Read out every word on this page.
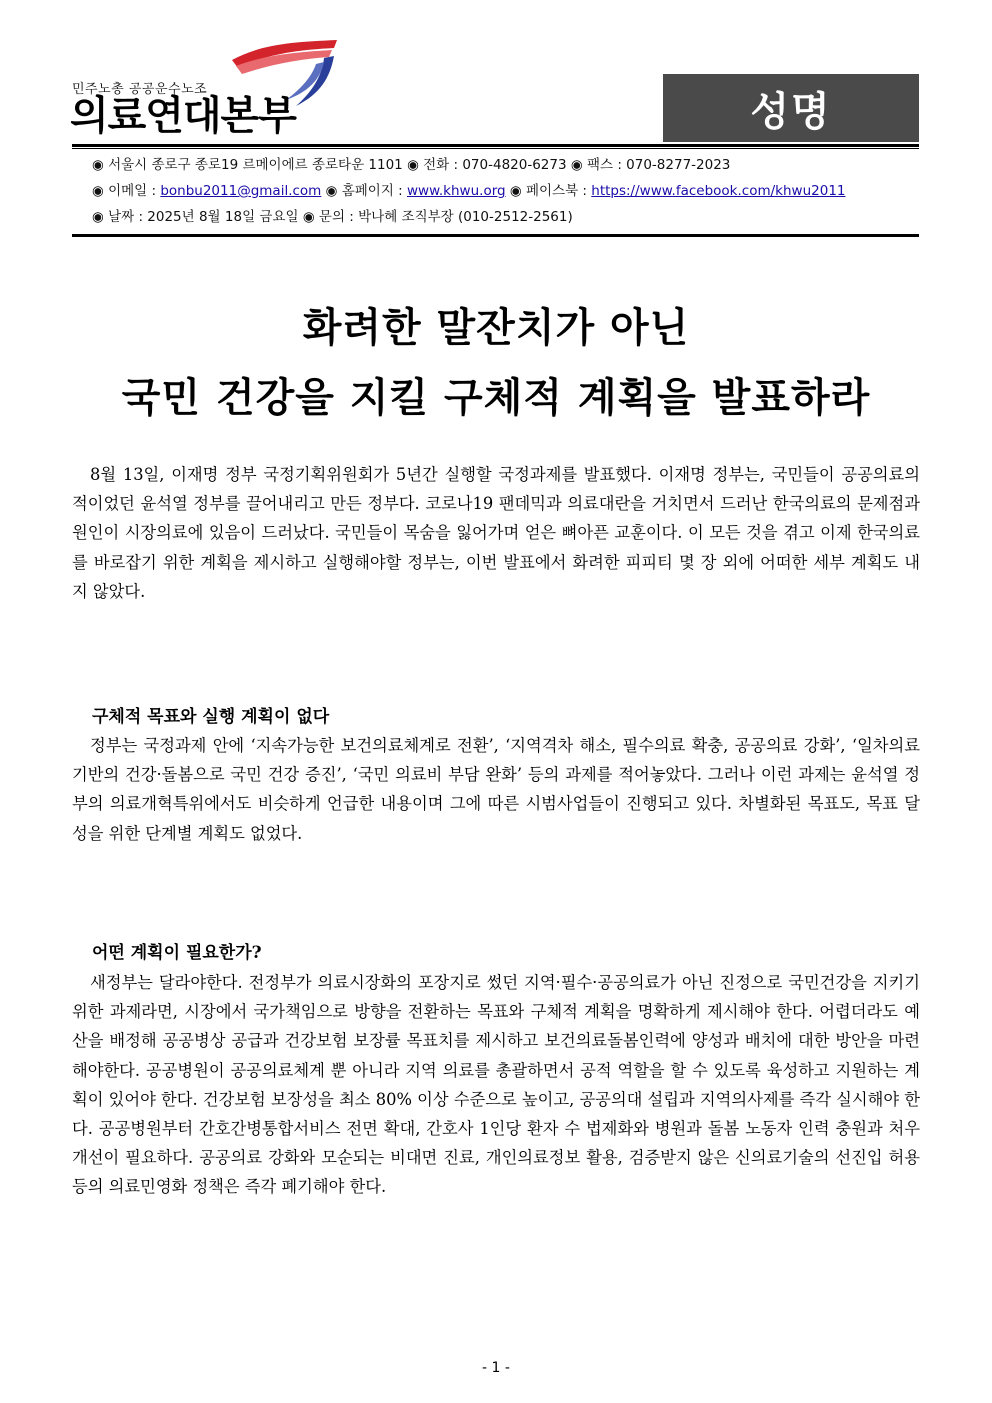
민주노총 공공운수노조
의료연대본부	성명
◉ 서울시 종로구 종로19 르메이에르 종로타운 1101 ◉ 전화 : 070-4820-6273 ◉ 팩스 : 070-8277-2023
◉ 이메일 : bonbu2011@gmail.com ◉ 홈페이지 : www.khwu.org ◉ 페이스북 : https://www.facebook.com/khwu2011
◉ 날짜 : 2025년 8월 18일 금요일 ◉ 문의 : 박나혜 조직부장 (010-2512-2561)
화려한 말잔치가 아닌
국민 건강을 지킬 구체적 계획을 발표하라

8월 13일, 이재명 정부 국정기획위원회가 5년간 실행할 국정과제를 발표했다. 이재명 정부는, 국민들이 공공의료의 적이었던 윤석열 정부를 끌어내리고 만든 정부다. 코로나19 팬데믹과 의료대란을 거치면서 드러난 한국의료의 문제점과 원인이 시장의료에 있음이 드러났다. 국민들이 목숨을 잃어가며 얻은 뼈아픈 교훈이다. 이 모든 것을 겪고 이제 한국의료를 바로잡기 위한 계획을 제시하고 실행해야할 정부는, 이번 발표에서 화려한 피피티 몇 장 외에 어떠한 세부 계획도 내지 않았다.

구체적 목표와 실행 계획이 없다

정부는 국정과제 안에 ‘지속가능한 보건의료체계로 전환’, ‘지역격차 해소, 필수의료 확충, 공공의료 강화’, ‘일차의료 기반의 건강·돌봄으로 국민 건강 증진’, ‘국민 의료비 부담 완화’ 등의 과제를 적어놓았다. 그러나 이런 과제는 윤석열 정부의 의료개혁특위에서도 비슷하게 언급한 내용이며 그에 따른 시범사업들이 진행되고 있다. 차별화된 목표도, 목표 달성을 위한 단계별 계획도 없었다.

어떤 계획이 필요한가?

새정부는 달라야한다. 전정부가 의료시장화의 포장지로 썼던 지역·필수·공공의료가 아닌 진정으로 국민건강을 지키기 위한 과제라면, 시장에서 국가책임으로 방향을 전환하는 목표와 구체적 계획을 명확하게 제시해야 한다. 어렵더라도 예산을 배정해 공공병상 공급과 건강보험 보장률 목표치를 제시하고 보건의료돌봄인력에 양성과 배치에 대한 방안을 마련해야한다. 공공병원이 공공의료체계 뿐 아니라 지역 의료를 총괄하면서 공적 역할을 할 수 있도록 육성하고 지원하는 계획이 있어야 한다. 건강보험 보장성을 최소 80% 이상 수준으로 높이고, 공공의대 설립과 지역의사제를 즉각 실시해야 한다. 공공병원부터 간호간병통합서비스 전면 확대, 간호사 1인당 환자 수 법제화와 병원과 돌봄 노동자 인력 충원과 처우개선이 필요하다. 공공의료 강화와 모순되는 비대면 진료, 개인의료정보 활용, 검증받지 않은 신의료기술의 선진입 허용 등의 의료민영화 정책은 즉각 폐기해야 한다.

- 1 -
